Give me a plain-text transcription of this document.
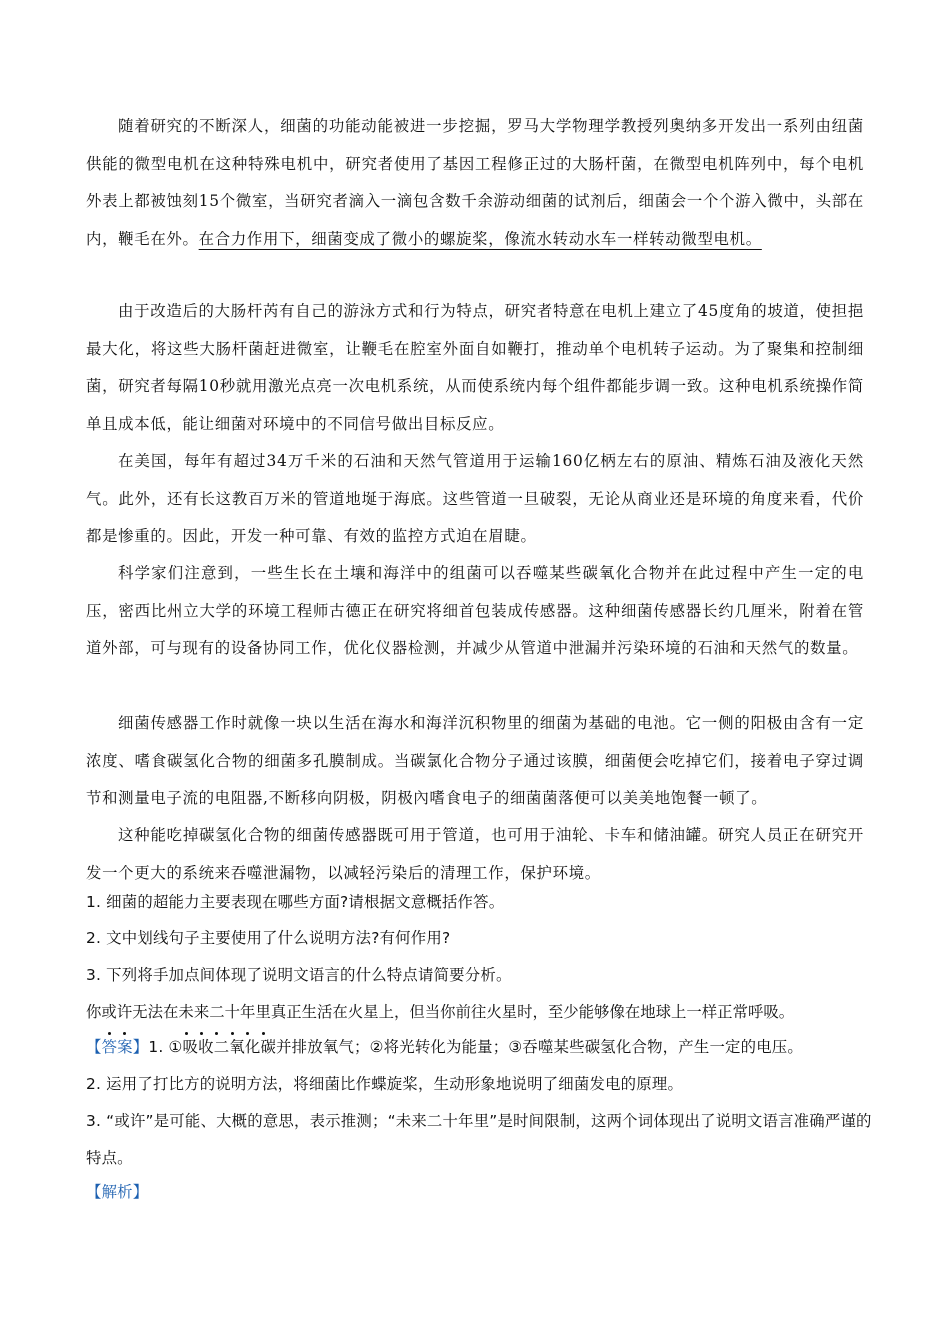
随着研究的不断深人，细菌的功能动能被进一步挖掘，罗马大学物理学教授列奥纳多开发出一系列由纽菌供能的微型电机在这种特殊电机中，研究者使用了基因工程修正过的大肠杆菌，在微型电机阵列中，每个电机外表上都被蚀刻15个微室，当研究者滴入一滴包含数千余游动细菌的试剂后，细菌会一个个游入微中，头部在内，鞭毛在外。在合力作用下，细菌变成了微小的螺旋桨，像流水转动水车一样转动微型电机。

由于改造后的大肠杆芮有自己的游泳方式和行为特点，研究者特意在电机上建立了45度角的坡道，使担挹最大化，将这些大肠杆菌赶进微室，让鞭毛在腔室外面自如鞭打，推动单个电机转子运动。为了聚集和控制细菌，研究者每隔10秒就用激光点亮一次电机系统，从而使系统内每个组件都能步调一致。这种电机系统操作简单且成本低，能让细菌对环境中的不同信号做出目标反应。

在美国，每年有超过34万千米的石油和天然气管道用于运输160亿柄左右的原油、精炼石油及液化天然气。此外，还有长这教百万米的管道地埏于海底。这些管道一旦破裂，无论从商业还是环境的角度来看，代价都是惨重的。因此，开发一种可靠、有效的监控方式迫在眉睫。

科学家们注意到，一些生长在土壤和海洋中的组菌可以吞噬某些碳氧化合物并在此过程中产生一定的电压，密西比州立大学的环境工程师古德正在研究将细首包装成传感器。这种细菌传感器长约几厘米，附着在管道外部，可与现有的设备协同工作，优化仪器检测，并减少从管道中泄漏并污染环境的石油和天然气的数量。

细菌传感器工作时就像一块以生活在海水和海洋沉积物里的细菌为基础的电池。它一侧的阳极由含有一定浓度、嗜食碳氢化合物的细菌多孔膜制成。当碳氯化合物分子通过该膜，细菌便会吃掉它们，接着电子穿过调节和测量电子流的电阻器,不断移向阴极，阴极內嗜食电子的细菌菌落便可以美美地饱餐一顿了。

这种能吃掉碳氢化合物的细菌传感器既可用于管道，也可用于油轮、卡车和储油罐。研究人员正在研究开发一个更大的系统来吞噬泄漏物，以减轻污染后的清理工作，保护环境。

1. 细菌的超能力主要表现在哪些方面?请根据文意概括作答。

2. 文中划线句子主要使用了什么说明方法?有何作用?

3. 下列将手加点间体现了说明文语言的什么特点请简要分析。

你或许无法在未来二十年里真正生活在火星上，但当你前往火星时，至少能够像在地球上一样正常呼吸。

【答案】1. ①吸收二氧化碳并排放氧气；②将光转化为能量；③吞噬某些碳氢化合物，产生一定的电压。

2. 运用了打比方的说明方法，将细菌比作蝶旋桨，生动形象地说明了细菌发电的原理。

3. “或许”是可能、大概的意思，表示推测；“未来二十年里”是时间限制，这两个词体现出了说明文语言准确严谨的特点。

【解析】
